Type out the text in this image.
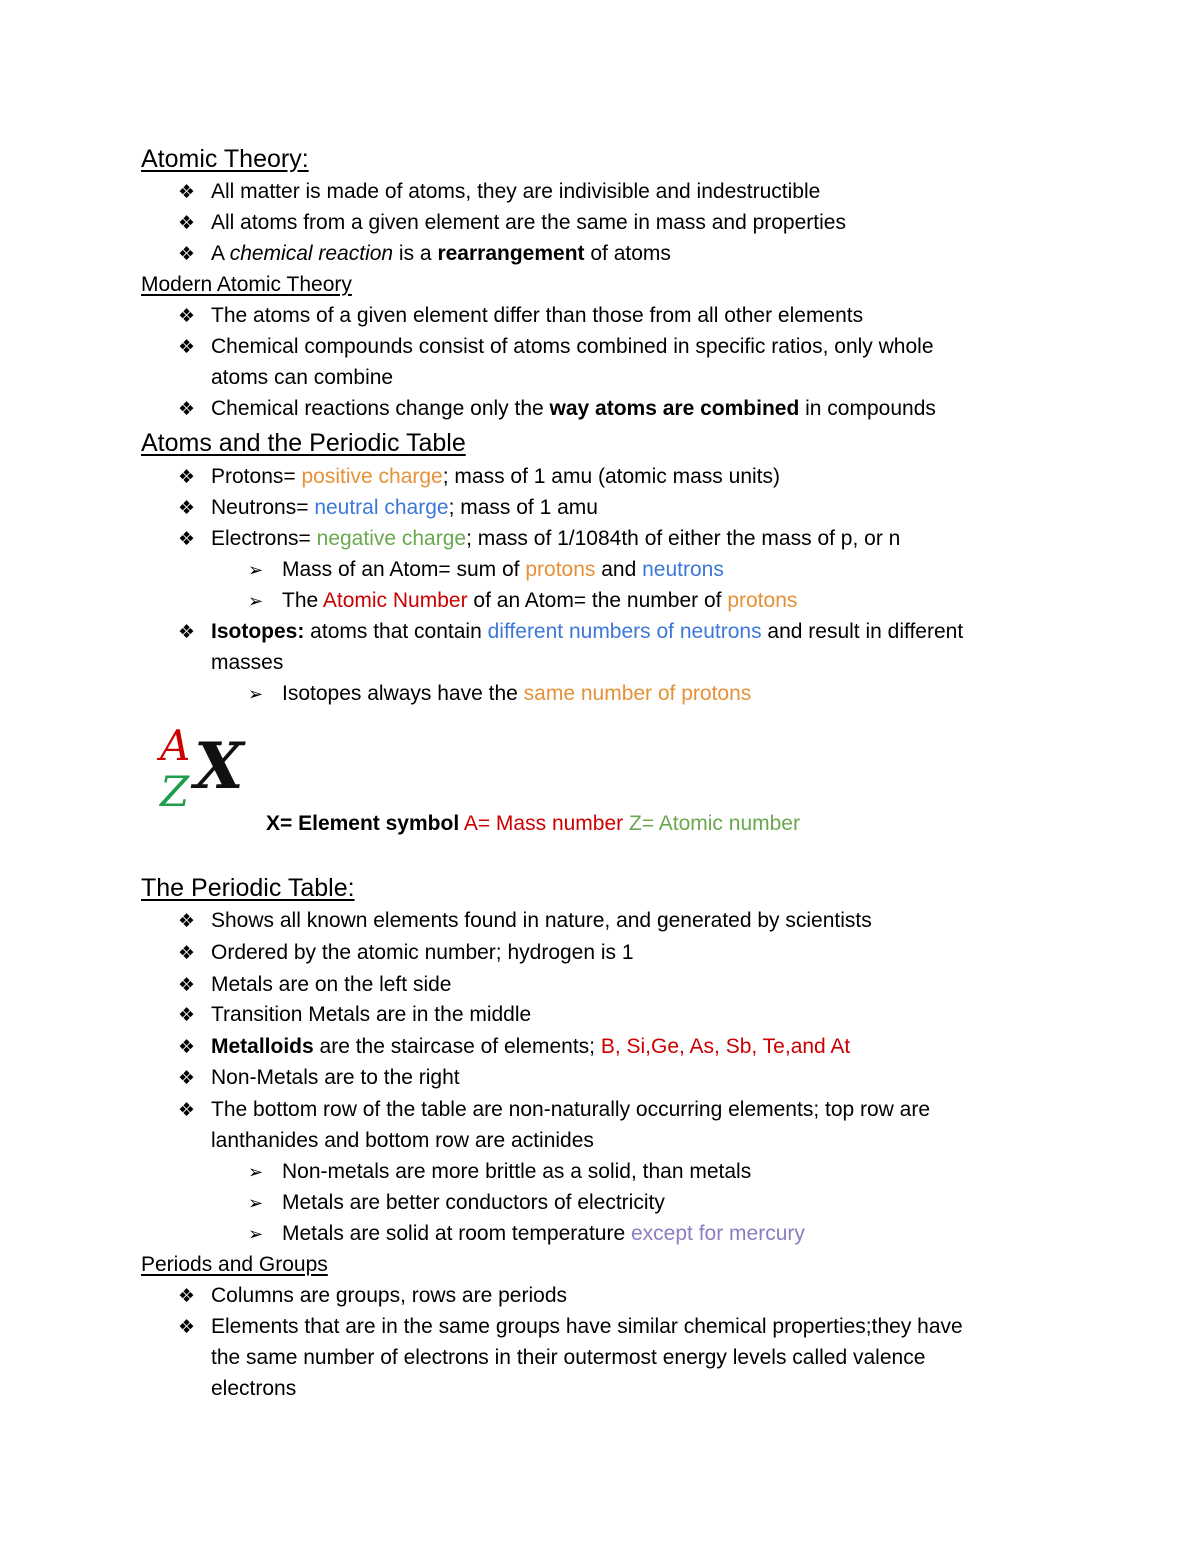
Atomic Theory:
❖ All matter is made of atoms, they are indivisible and indestructible
❖ All atoms from a given element are the same in mass and properties
❖ A chemical reaction is a rearrangement of atoms
Modern Atomic Theory
❖ The atoms of a given element differ than those from all other elements
❖ Chemical compounds consist of atoms combined in specific ratios, only whole
atoms can combine
❖ Chemical reactions change only the way atoms are combined in compounds
Atoms and the Periodic Table
❖ Protons= positive charge; mass of 1 amu (atomic mass units)
❖ Neutrons= neutral charge; mass of 1 amu
❖ Electrons= negative charge; mass of 1/1084th of either the mass of p, or n
➢ Mass of an Atom= sum of protons and neutrons
➢ The Atomic Number of an Atom= the number of protons
❖ Isotopes: atoms that contain different numbers of neutrons and result in different
masses
➢ Isotopes always have the same number of protons
A
Z X
X= Element symbol A= Mass number Z= Atomic number
The Periodic Table:
❖ Shows all known elements found in nature, and generated by scientists
❖ Ordered by the atomic number; hydrogen is 1
❖ Metals are on the left side
❖ Transition Metals are in the middle
❖ Metalloids are the staircase of elements; B, Si,Ge, As, Sb, Te,and At
❖ Non-Metals are to the right
❖ The bottom row of the table are non-naturally occurring elements; top row are
lanthanides and bottom row are actinides
➢ Non-metals are more brittle as a solid, than metals
➢ Metals are better conductors of electricity
➢ Metals are solid at room temperature except for mercury
Periods and Groups
❖ Columns are groups, rows are periods
❖ Elements that are in the same groups have similar chemical properties;they have
the same number of electrons in their outermost energy levels called valence
electrons
